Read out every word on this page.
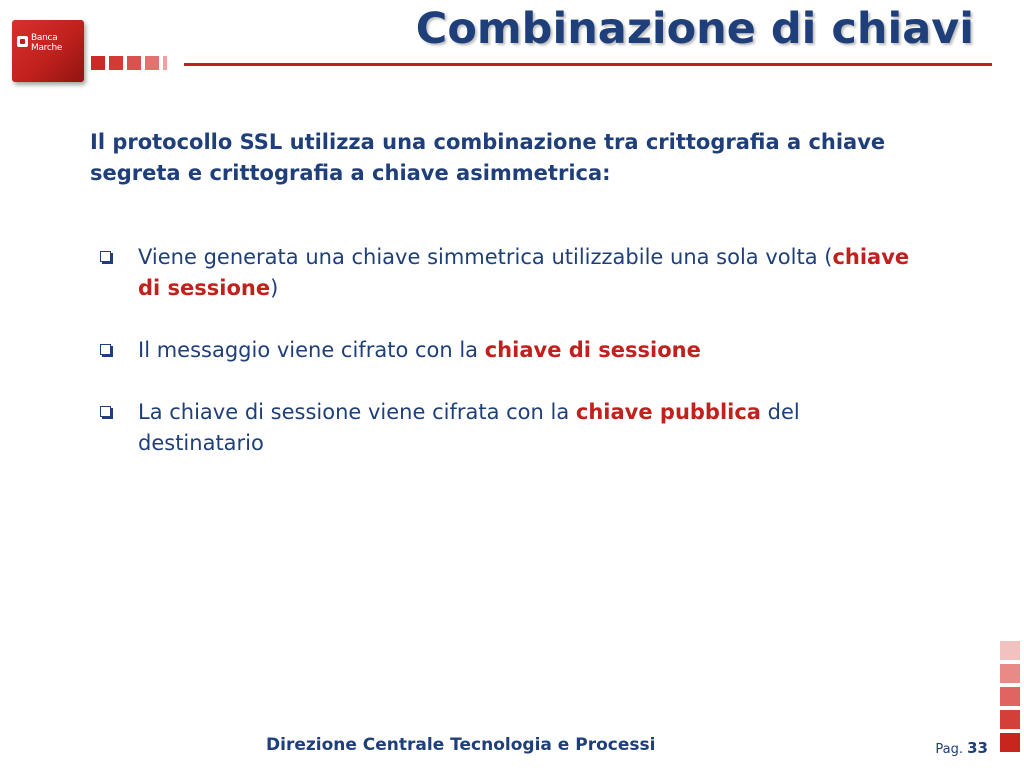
Banca
Marche	Combinazione di chiavi
Il protocollo SSL utilizza una combinazione tra crittografia a chiave segreta e crittografia a chiave asimmetrica:
Viene generata una chiave simmetrica utilizzabile una sola volta (chiave di sessione)
Il messaggio viene cifrato con la chiave di sessione
La chiave di sessione viene cifrata con la chiave pubblica del destinatario
Direzione Centrale Tecnologia e Processi	Pag. 33
